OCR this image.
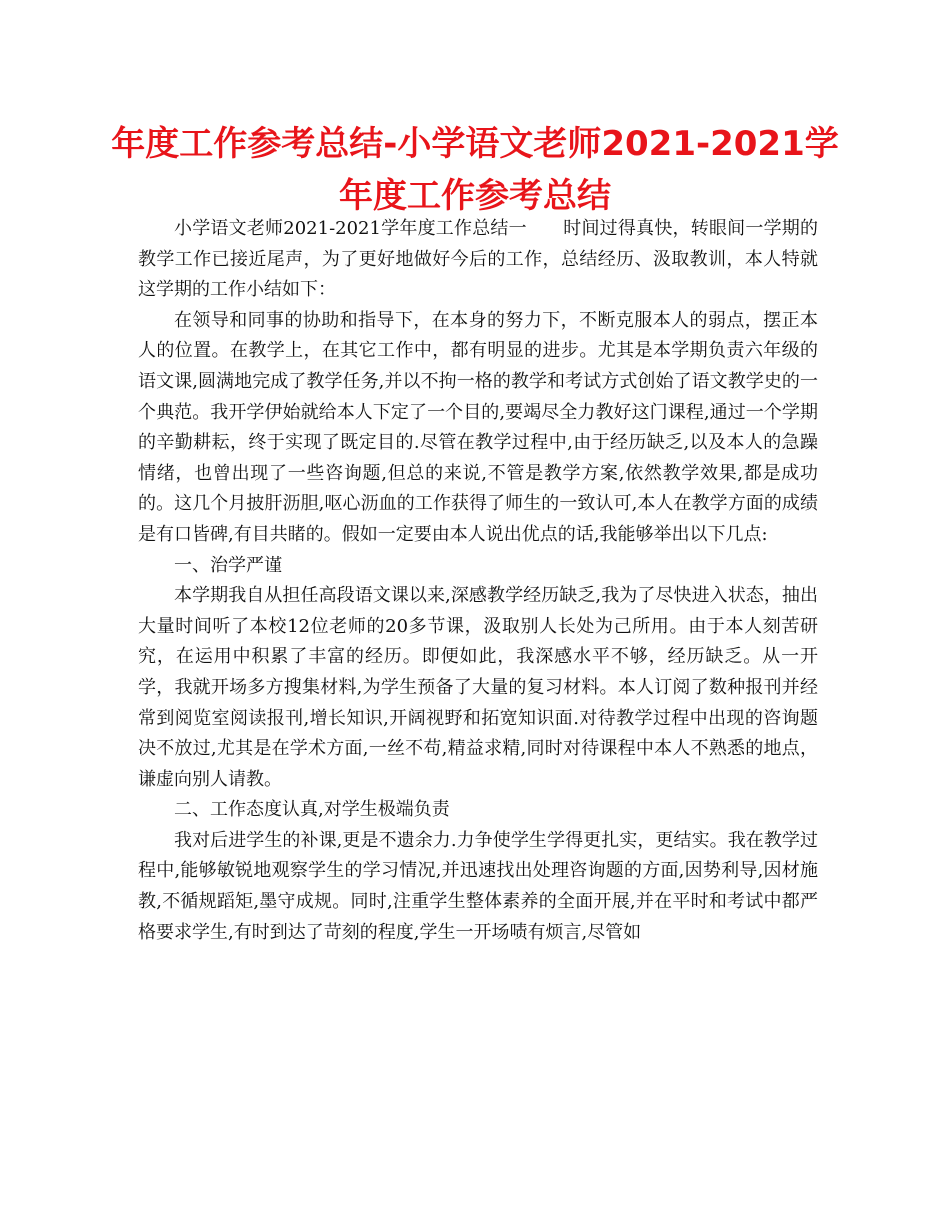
年度工作参考总结-小学语文老师2021-2021学年度工作参考总结

小学语文老师2021-2021学年度工作总结一　　时间过得真快，转眼间一学期的教学工作已接近尾声，为了更好地做好今后的工作，总结经历、汲取教训，本人特就这学期的工作小结如下：

在领导和同事的协助和指导下，在本身的努力下，不断克服本人的弱点，摆正本人的位置。在教学上，在其它工作中，都有明显的进步。尤其是本学期负责六年级的语文课,圆满地完成了教学任务,并以不拘一格的教学和考试方式创始了语文教学史的一个典范。我开学伊始就给本人下定了一个目的,要竭尽全力教好这门课程,通过一个学期的辛勤耕耘，终于实现了既定目的.尽管在教学过程中,由于经历缺乏,以及本人的急躁情绪，也曾出现了一些咨询题,但总的来说,不管是教学方案,依然教学效果,都是成功的。这几个月披肝沥胆,呕心沥血的工作获得了师生的一致认可,本人在教学方面的成绩是有口皆碑,有目共睹的。假如一定要由本人说出优点的话,我能够举出以下几点:

一、治学严谨

本学期我自从担任高段语文课以来,深感教学经历缺乏,我为了尽快进入状态，抽出大量时间听了本校12位老师的20多节课，汲取别人长处为己所用。由于本人刻苦研究，在运用中积累了丰富的经历。即便如此，我深感水平不够，经历缺乏。从一开学，我就开场多方搜集材料,为学生预备了大量的复习材料。本人订阅了数种报刊并经常到阅览室阅读报刊,增长知识,开阔视野和拓宽知识面.对待教学过程中出现的咨询题决不放过,尤其是在学术方面,一丝不苟,精益求精,同时对待课程中本人不熟悉的地点，谦虚向别人请教。

二、工作态度认真,对学生极端负责

我对后进学生的补课,更是不遗余力.力争使学生学得更扎实，更结实。我在教学过程中,能够敏锐地观察学生的学习情况,并迅速找出处理咨询题的方面,因势利导,因材施教,不循规蹈矩,墨守成规。同时,注重学生整体素养的全面开展,并在平时和考试中都严格要求学生,有时到达了苛刻的程度,学生一开场啧有烦言,尽管如
